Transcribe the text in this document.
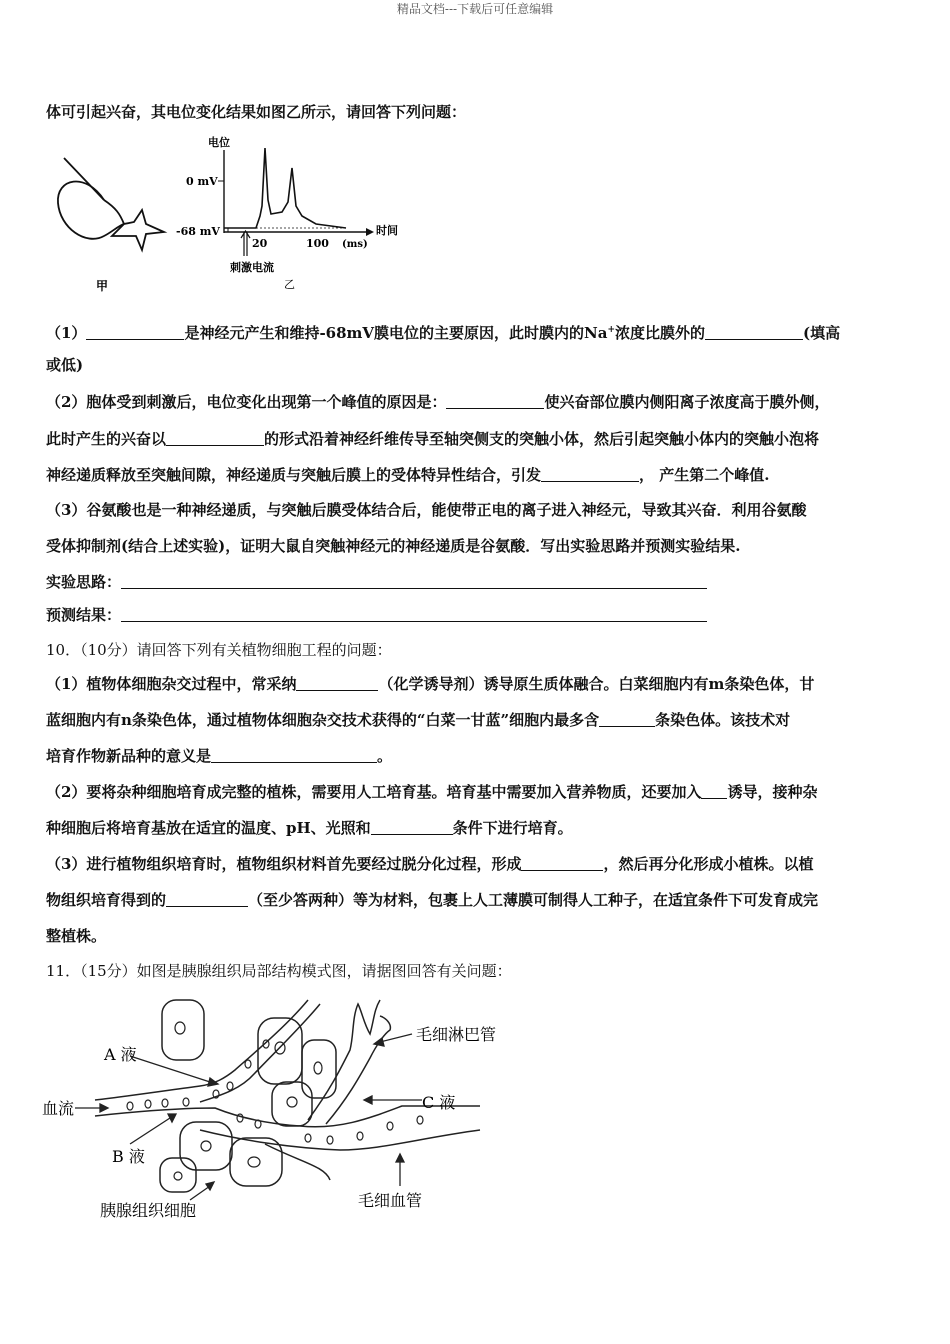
精品文档---下载后可任意编辑
体可引起兴奋，其电位变化结果如图乙所示，请回答下列问题：
甲
电位
0 mV
-68 mV	时间
20	100 (ms)
刺激电流
乙
（1）	是神经元产生和维持-68mV膜电位的主要原因，此时膜内的Na+浓度比膜外的	(填高
或低)
（2）胞体受到刺激后，电位变化出现第一个峰值的原因是：	使兴奋部位膜内侧阳离子浓度高于膜外侧，
此时产生的兴奋以	的形式沿着神经纤维传导至轴突侧支的突触小体，然后引起突触小体内的突触小泡将
神经递质释放至突触间隙，神经递质与突触后膜上的受体特异性结合，引发	， 产生第二个峰值.
（3）谷氨酸也是一种神经递质，与突触后膜受体结合后，能使带正电的离子进入神经元，导致其兴奋．利用谷氨酸
受体抑制剂(结合上述实验)，证明大鼠自突触神经元的神经递质是谷氨酸．写出实验思路并预测实验结果.
实验思路：
预测结果：
10．（10分）请回答下列有关植物细胞工程的问题：
（1）植物体细胞杂交过程中，常采纳	（化学诱导剂）诱导原生质体融合。白菜细胞内有m条染色体，甘
蓝细胞内有n条染色体，通过植物体细胞杂交技术获得的“白菜一甘蓝”细胞内最多含	条染色体。该技术对
培育作物新品种的意义是	。
（2）要将杂种细胞培育成完整的植株，需要用人工培育基。培育基中需要加入营养物质，还要加入 诱导，接种杂
种细胞后将培育基放在适宜的温度、pH、光照和	条件下进行培育。
（3）进行植物组织培育时，植物组织材料首先要经过脱分化过程，形成	，然后再分化形成小植株。以植
物组织培育得到的	（至少答两种）等为材料，包裹上人工薄膜可制得人工种子，在适宜条件下可发育成完
整植株。
11．（15分）如图是胰腺组织局部结构模式图，请据图回答有关问题：
A 液
B 液
C 液
血流
毛细淋巴管
毛细血管
胰腺组织细胞
